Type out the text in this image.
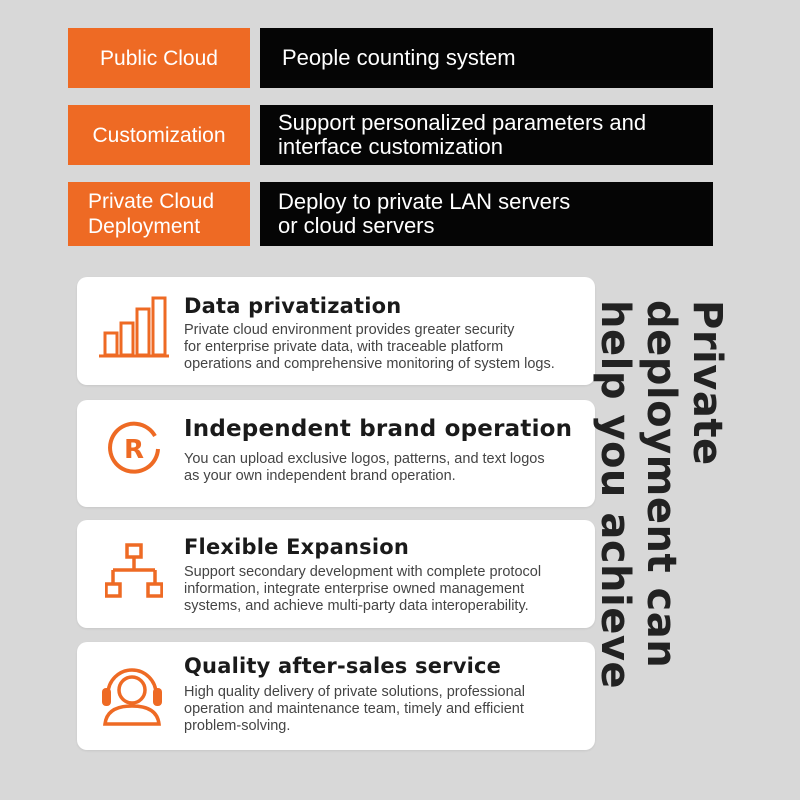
Public Cloud	People counting system
Customization	Support personalized parameters and
interface customization
Private Cloud
Deployment
Deploy to private LAN servers
or cloud servers
Data privatization
Private cloud environment provides greater security
for enterprise private data, with traceable platform
operations and comprehensive monitoring of system logs.
R
Independent brand operation
You can upload exclusive logos, patterns, and text logos
as your own independent brand operation.
Flexible Expansion
Support secondary development with complete protocol
information, integrate enterprise owned management
systems, and achieve multi-party data interoperability.
Quality after-sales service
High quality delivery of private solutions, professional
operation and maintenance team, timely and efficient
problem-solving.
Private deployment can help you achieve
